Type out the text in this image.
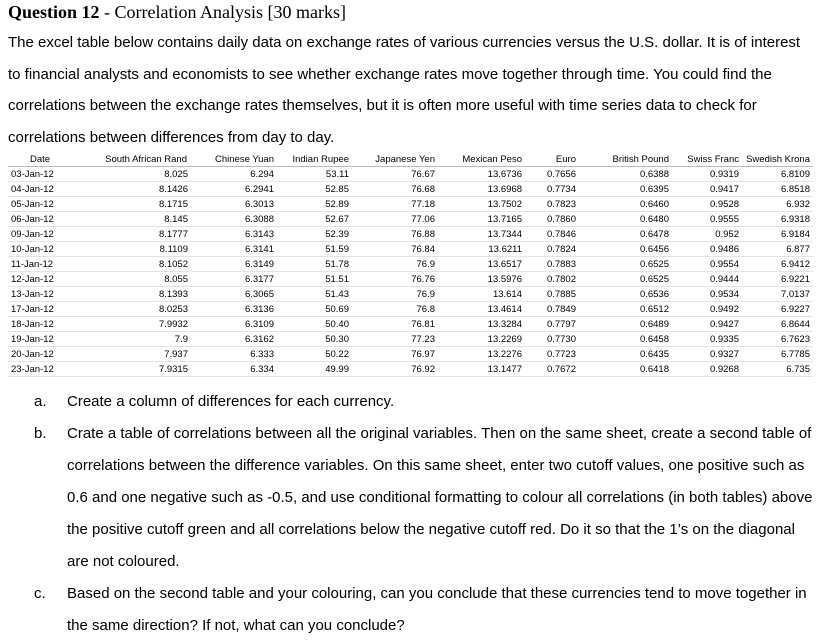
Question 12 - Correlation Analysis [30 marks]
The excel table below contains daily data on exchange rates of various currencies versus the U.S. dollar. It is of interest to financial analysts and economists to see whether exchange rates move together through time. You could find the correlations between the exchange rates themselves, but it is often more useful with time series data to check for correlations between differences from day to day.
Date	South African Rand	Chinese Yuan	Indian Rupee	Japanese Yen	Mexican Peso	Euro	British Pound	Swiss Franc	Swedish Krona
03-Jan-12	8.025	6.294	53.11	76.67	13.6736	0.7656	0.6388	0.9319	6.8109
04-Jan-12	8.1426	6.2941	52.85	76.68	13.6968	0.7734	0.6395	0.9417	6.8518
05-Jan-12	8.1715	6.3013	52.89	77.18	13.7502	0.7823	0.6460	0.9528	6.932
06-Jan-12	8.145	6.3088	52.67	77.06	13.7165	0.7860	0.6480	0.9555	6.9318
09-Jan-12	8.1777	6.3143	52.39	76.88	13.7344	0.7846	0.6478	0.952	6.9184
10-Jan-12	8.1109	6.3141	51.59	76.84	13.6211	0.7824	0.6456	0.9486	6.877
11-Jan-12	8.1052	6.3149	51.78	76.9	13.6517	0.7883	0.6525	0.9554	6.9412
12-Jan-12	8.055	6.3177	51.51	76.76	13.5976	0.7802	0.6525	0.9444	6.9221
13-Jan-12	8.1393	6.3065	51.43	76.9	13.614	0.7885	0.6536	0.9534	7.0137
17-Jan-12	8.0253	6.3136	50.69	76.8	13.4614	0.7849	0.6512	0.9492	6.9227
18-Jan-12	7.9932	6.3109	50.40	76.81	13.3284	0.7797	0.6489	0.9427	6.8644
19-Jan-12	7.9	6.3162	50.30	77.23	13.2269	0.7730	0.6458	0.9335	6.7623
20-Jan-12	7.937	6.333	50.22	76.97	13.2276	0.7723	0.6435	0.9327	6.7785
23-Jan-12	7.9315	6.334	49.99	76.92	13.1477	0.7672	0.6418	0.9268	6.735
a. Create a column of differences for each currency.
b. Crate a table of correlations between all the original variables. Then on the same sheet, create a second table of correlations between the difference variables. On this same sheet, enter two cutoff values, one positive such as 0.6 and one negative such as -0.5, and use conditional formatting to colour all correlations (in both tables) above the positive cutoff green and all correlations below the negative cutoff red. Do it so that the 1’s on the diagonal are not coloured.
c. Based on the second table and your colouring, can you conclude that these currencies tend to move together in the same direction? If not, what can you conclude?
